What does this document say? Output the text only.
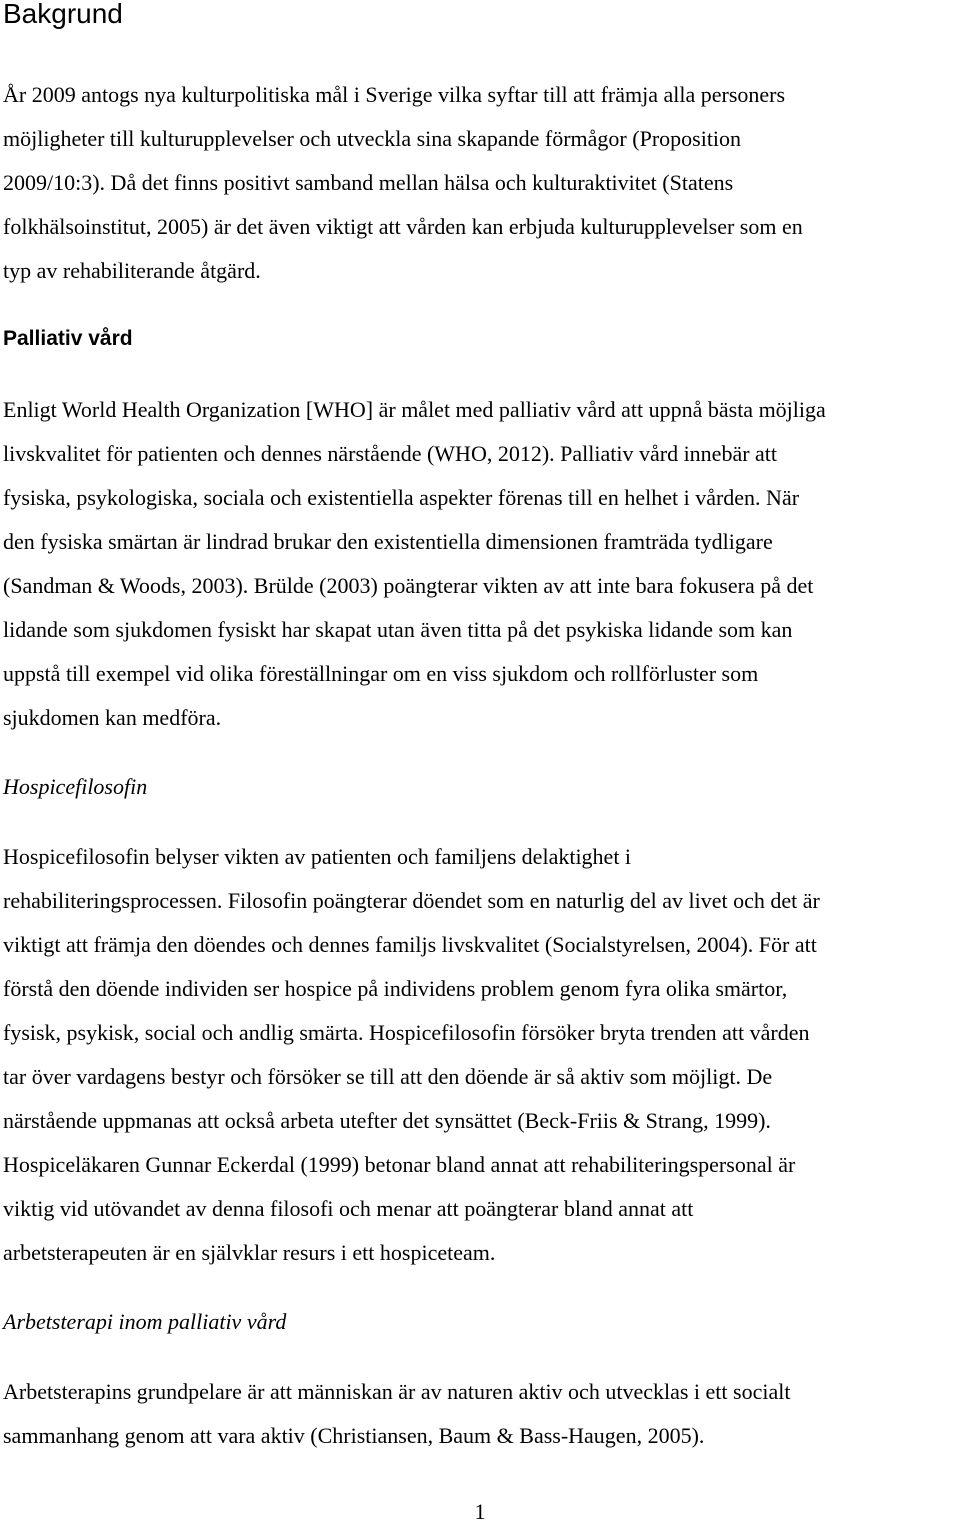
Bakgrund
År 2009 antogs nya kulturpolitiska mål i Sverige vilka syftar till att främja alla personers
möjligheter till kulturupplevelser och utveckla sina skapande förmågor (Proposition
2009/10:3). Då det finns positivt samband mellan hälsa och kulturaktivitet (Statens
folkhälsoinstitut, 2005) är det även viktigt att vården kan erbjuda kulturupplevelser som en
typ av rehabiliterande åtgärd.
Palliativ vård
Enligt World Health Organization [WHO] är målet med palliativ vård att uppnå bästa möjliga
livskvalitet för patienten och dennes närstående (WHO, 2012). Palliativ vård innebär att
fysiska, psykologiska, sociala och existentiella aspekter förenas till en helhet i vården. När
den fysiska smärtan är lindrad brukar den existentiella dimensionen framträda tydligare
(Sandman & Woods, 2003). Brülde (2003) poängterar vikten av att inte bara fokusera på det
lidande som sjukdomen fysiskt har skapat utan även titta på det psykiska lidande som kan
uppstå till exempel vid olika föreställningar om en viss sjukdom och rollförluster som
sjukdomen kan medföra.
Hospicefilosofin
Hospicefilosofin belyser vikten av patienten och familjens delaktighet i
rehabiliteringsprocessen. Filosofin poängterar döendet som en naturlig del av livet och det är
viktigt att främja den döendes och dennes familjs livskvalitet (Socialstyrelsen, 2004). För att
förstå den döende individen ser hospice på individens problem genom fyra olika smärtor,
fysisk, psykisk, social och andlig smärta. Hospicefilosofin försöker bryta trenden att vården
tar över vardagens bestyr och försöker se till att den döende är så aktiv som möjligt. De
närstående uppmanas att också arbeta utefter det synsättet (Beck-Friis & Strang, 1999).
Hospiceläkaren Gunnar Eckerdal (1999) betonar bland annat att rehabiliteringspersonal är
viktig vid utövandet av denna filosofi och menar att poängterar bland annat att
arbetsterapeuten är en självklar resurs i ett hospiceteam.
Arbetsterapi inom palliativ vård
Arbetsterapins grundpelare är att människan är av naturen aktiv och utvecklas i ett socialt
sammanhang genom att vara aktiv (Christiansen, Baum & Bass-Haugen, 2005).

1
